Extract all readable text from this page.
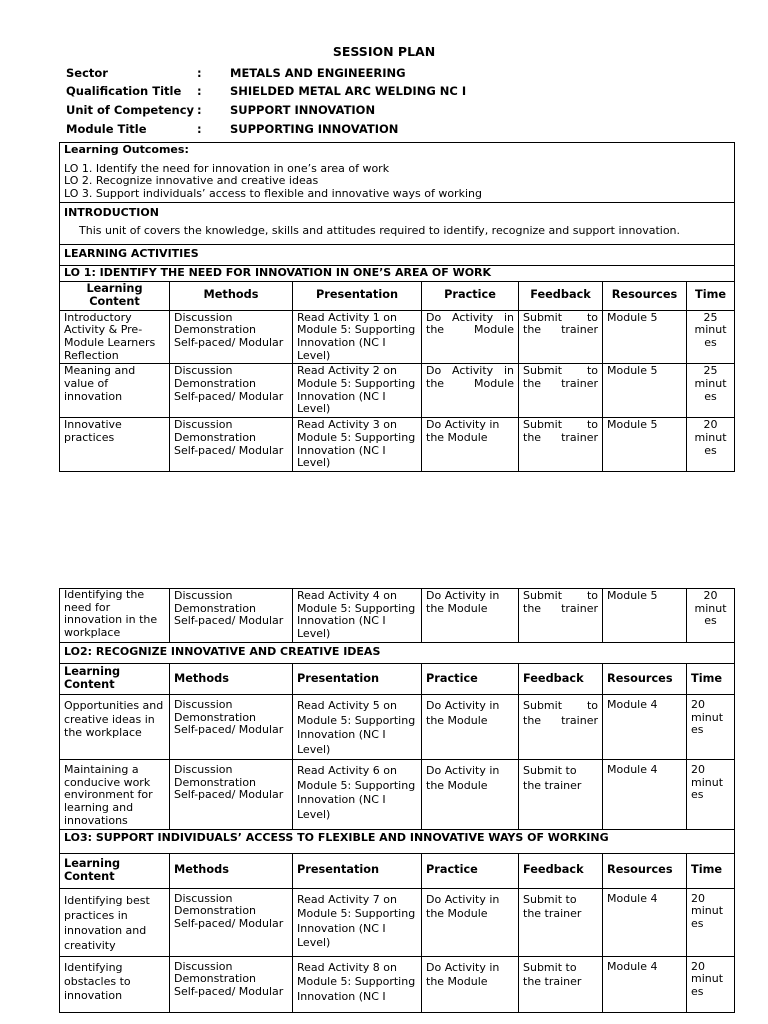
SESSION PLAN
Sector	: METALS AND ENGINEERING
Qualification Title : SHIELDED METAL ARC WELDING NC I
Unit of Competency : SUPPORT INNOVATION
Module Title	: SUPPORTING INNOVATION
Learning Outcomes:
LO 1. Identify the need for innovation in one’s area of work
LO 2. Recognize innovative and creative ideas
LO 3. Support individuals’ access to flexible and innovative ways of working						

INTRODUCTION
This unit of covers the knowledge, skills and attitudes required to identify, recognize and support innovation.						

LEARNING ACTIVITIES						
LO 1: IDENTIFY THE NEED FOR INNOVATION IN ONE’S AREA OF WORK						
Learning Content	Methods	Presentation	Practice	Feedback	Resources	Time
Introductory Activity & Pre-Module Learners Reflection	Discussion
Demonstration
Self-paced/ Modular	Read Activity 1 on Module 5: Supporting Innovation (NC I Level)	Do Activity in the Module	Submit to the trainer	Module 5	25 minut es
Meaning and value of innovation	Discussion
Demonstration
Self-paced/ Modular	Read Activity 2 on Module 5: Supporting Innovation (NC I Level)	Do Activity in the Module	Submit to the trainer	Module 5	25 minut es
Innovative practices	Discussion
Demonstration
Self-paced/ Modular	Read Activity 3 on Module 5: Supporting Innovation (NC I Level)	Do Activity in the Module	Submit to the trainer	Module 5	20 minut es
Identifying the need for innovation in the workplace	Discussion
Demonstration
Self-paced/ Modular	Read Activity 4 on Module 5: Supporting Innovation (NC I Level)	Do Activity in the Module	Submit to the trainer	Module 5	20 minut es
LO2: RECOGNIZE INNOVATIVE AND CREATIVE IDEAS						
Learning Content	Methods	Presentation	Practice	Feedback	Resources	Time
Opportunities and creative ideas in the workplace	Discussion
Demonstration
Self-paced/ Modular	Read Activity 5 on Module 5: Supporting Innovation (NC I Level)	Do Activity in the Module	Submit to the trainer	Module 4	20 minut es
Maintaining a conducive work environment for learning and innovations	Discussion
Demonstration
Self-paced/ Modular	Read Activity 6 on Module 5: Supporting Innovation (NC I Level)	Do Activity in the Module	Submit to the trainer	Module 4	20 minut es
LO3: SUPPORT INDIVIDUALS’ ACCESS TO FLEXIBLE AND INNOVATIVE WAYS OF WORKING						
Learning Content	Methods	Presentation	Practice	Feedback	Resources	Time
Identifying best practices in innovation and creativity	Discussion
Demonstration
Self-paced/ Modular	Read Activity 7 on Module 5: Supporting Innovation (NC I Level)	Do Activity in the Module	Submit to the trainer	Module 4	20 minut es
Identifying obstacles to innovation	Discussion
Demonstration
Self-paced/ Modular	Read Activity 8 on Module 5: Supporting Innovation (NC I	Do Activity in the Module	Submit to the trainer	Module 4	20 minut es
